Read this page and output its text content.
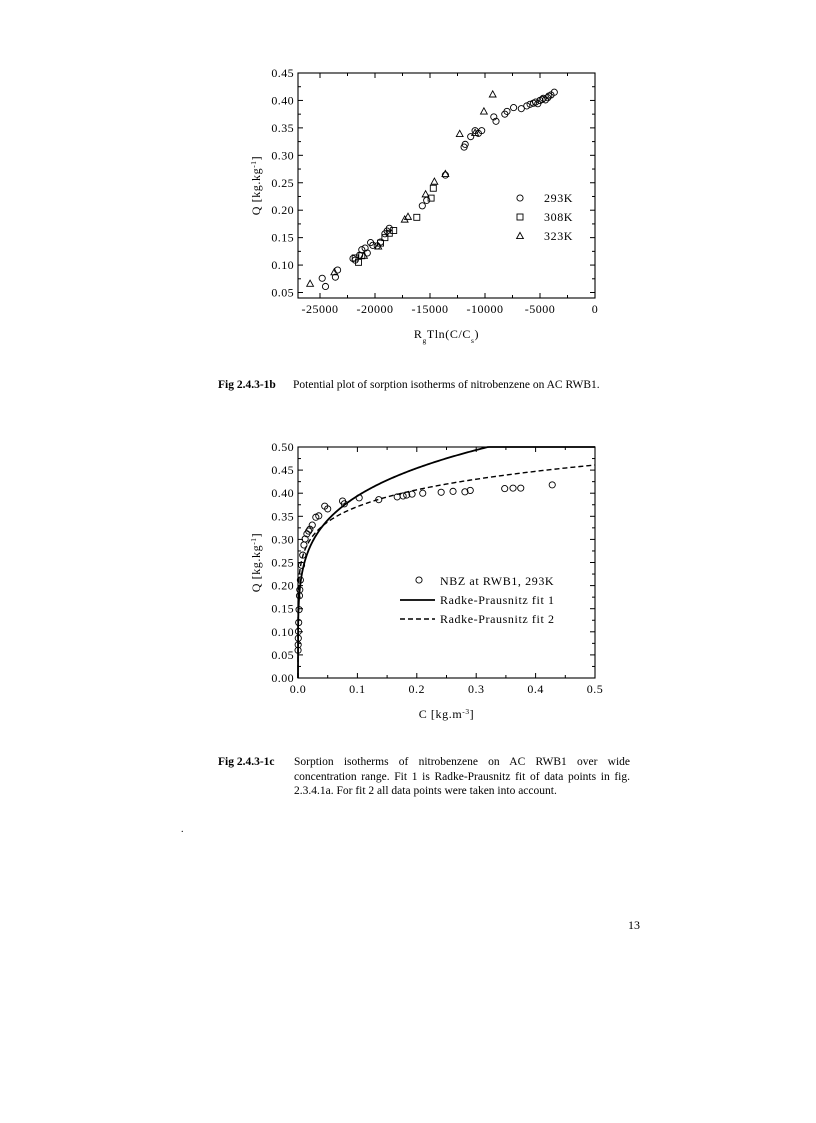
-25000 -20000 -15000 -10000 -5000	0
0.05
0.10
0.15
0.20
0.25
0.30
0.35
0.40
0.45
$R_gTln(C/C_s)$
Q $[kg.kg^{-1}]$
293K
308K
323K
0.0	0.1	0.2	0.3	0.4	0.5
0.00
0.05
0.10
0.15
0.20
0.25
0.30
0.35
0.40
0.45
0.50
C $[kg.m^{-3}]$
Q $[kg.kg^{-1}]$
NBZ at RWB1, 293K
Radke-Prausnitz fit 1
Radke-Prausnitz fit 2
Fig 2.4.3-1b Potential plot of sorption isotherms of nitrobenzene on AC RWB1.
Fig 2.4.3-1c Sorption isotherms of nitrobenzene on AC RWB1 over wide concentration range. Fit 1 is Radke-Prausnitz fit of data points in fig. 2.3.4.1a. For fit 2 all data points were taken into account.
.
13
